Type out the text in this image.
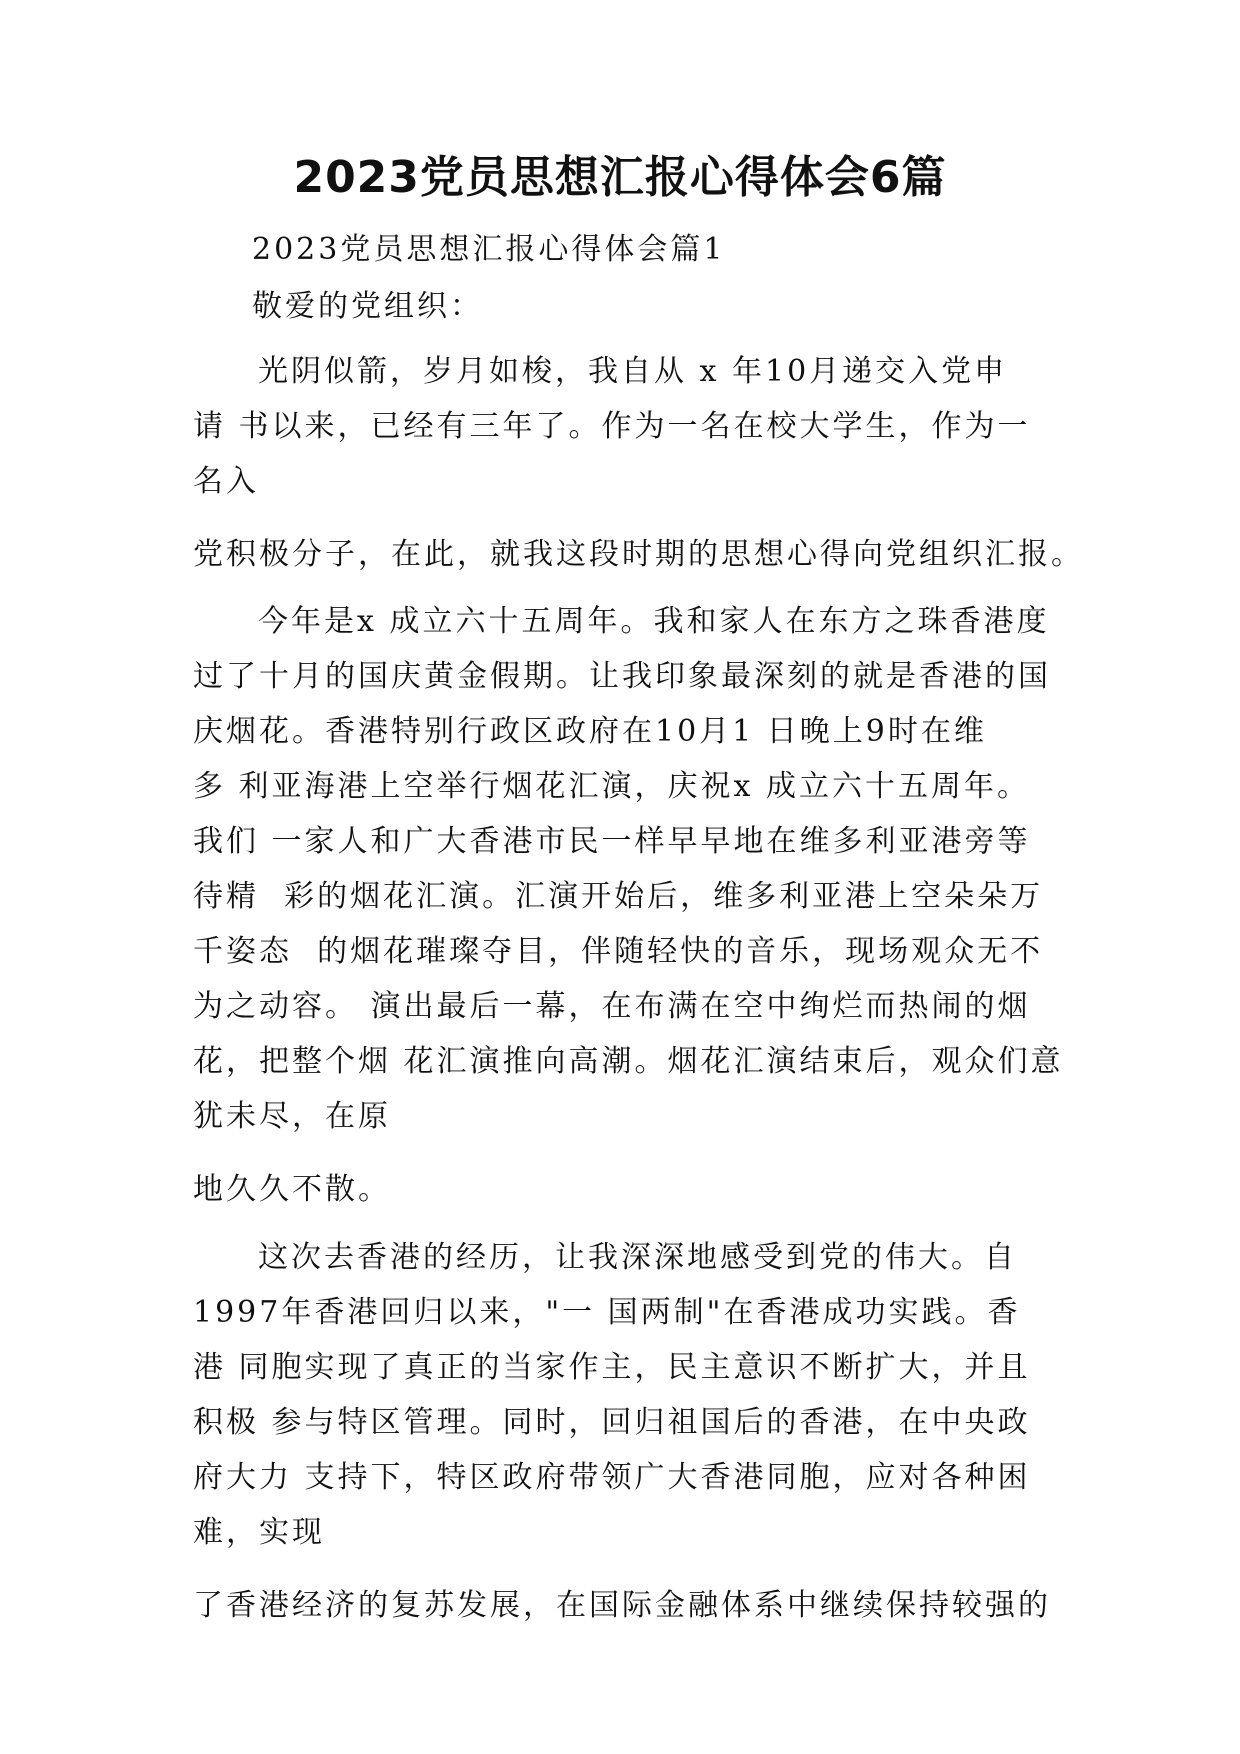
2023党员思想汇报心得体会6篇

2023党员思想汇报心得体会篇1

敬爱的党组织：

光阴似箭，岁月如梭，我自从 x 年10月递交入党申

请 书以来，已经有三年了。作为一名在校大学生，作为一

名入

党积极分子，在此，就我这段时期的思想心得向党组织汇报。

今年是x 成立六十五周年。我和家人在东方之珠香港度

过了十月的国庆黄金假期。让我印象最深刻的就是香港的国

庆烟花。香港特别行政区政府在10月1 日晚上9时在维

多 利亚海港上空举行烟花汇演，庆祝x 成立六十五周年。

我们 一家人和广大香港市民一样早早地在维多利亚港旁等

待精  彩的烟花汇演。汇演开始后，维多利亚港上空朵朵万

千姿态  的烟花璀璨夺目，伴随轻快的音乐，现场观众无不

为之动容。 演出最后一幕，在布满在空中绚烂而热闹的烟

花，把整个烟 花汇演推向高潮。烟花汇演结束后，观众们意

犹未尽，在原

地久久不散。

这次去香港的经历，让我深深地感受到党的伟大。自

1997年香港回归以来，"一 国两制"在香港成功实践。香

港 同胞实现了真正的当家作主，民主意识不断扩大，并且

积极 参与特区管理。同时，回归祖国后的香港，在中央政

府大力 支持下，特区政府带领广大香港同胞，应对各种困

难，实现

了香港经济的复苏发展，在国际金融体系中继续保持较强的
